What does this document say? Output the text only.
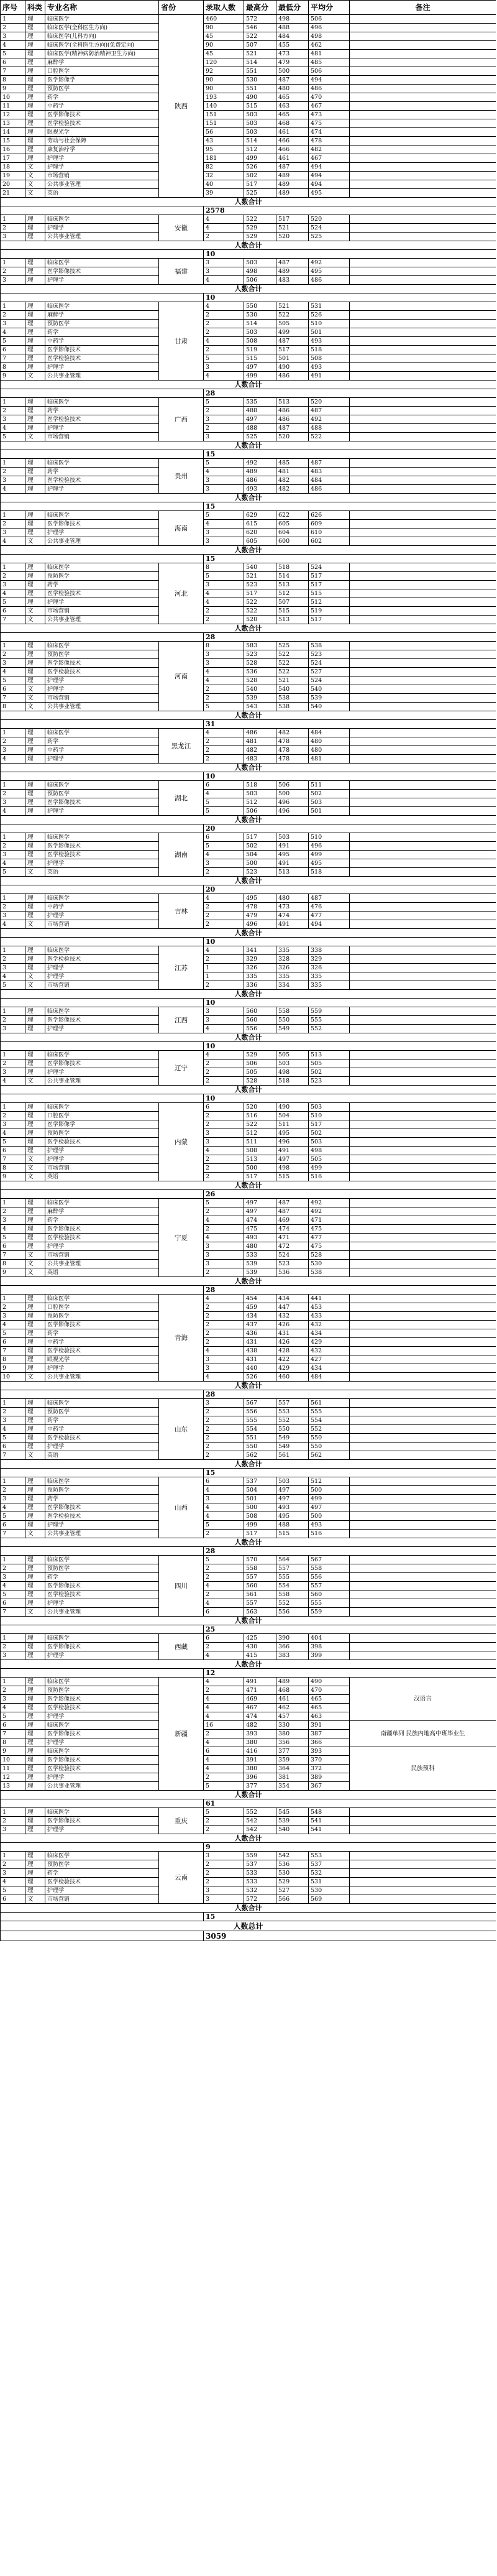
序号	科类	专业名称	省份	录取人数	最高分	最低分	平均分	备注
1	理	临床医学	陕西	460	572	498	506	
2	理	临床医学(全科医生方向)		90	546	488	496	
3	理	临床医学(儿科方向)		45	522	484	498	
4	理	临床医学(全科医生方向)(免费定向)		90	507	455	462	
5	理	临床医学(精神病防治精神卫生方向)		45	521	473	481	
6	理	麻醉学		120	514	479	485	
7	理	口腔医学		92	551	500	506	
8	理	医学影像学		90	530	487	494	
9	理	预防医学		90	551	480	486	
10	理	药学		193	490	465	470	
11	理	中药学		140	515	463	467	
12	理	医学影像技术		151	503	465	473	
13	理	医学检验技术		151	503	468	475	
14	理	眼视光学		56	503	461	474	
15	理	劳动与社会保障		43	514	466	478	
16	理	康复治疗学		95	512	466	482	
17	理	护理学		181	499	461	467	
18	文	护理学		82	526	487	494	
19	文	市场营销		32	502	489	494	
20	文	公共事业管理		40	517	489	494	
21	文	英语		39	525	489	495	
人数合计								
				2578				
1	理	临床医学	安徽	4	522	517	520	
2	理	护理学		4	529	521	524	
3	理	公共事业管理		2	529	520	525	
人数合计								
				10				
1	理	临床医学	福建	3	503	487	492	
2	理	医学影像技术		3	498	489	495	
3	理	护理学		4	506	483	486	
人数合计								
				10				
1	理	临床医学	甘肃	4	550	521	531	
2	理	麻醉学		2	530	522	526	
3	理	预防医学		2	514	505	510	
4	理	药学		2	503	499	501	
5	理	中药学		4	508	487	493	
6	理	医学影像技术		2	519	517	518	
7	理	医学检验技术		5	515	501	508	
8	理	护理学		3	497	490	493	
9	文	公共事业管理		4	499	486	491	
人数合计								
				28				
1	理	临床医学	广西	5	535	513	520	
2	理	药学		2	488	486	487	
3	理	医学检验技术		3	497	486	492	
4	理	护理学		2	488	487	488	
5	文	市场营销		3	525	520	522	
人数合计								
				15				
1	理	临床医学	贵州	5	492	485	487	
2	理	药学		4	489	481	483	
3	理	医学检验技术		3	486	482	484	
4	理	护理学		3	493	482	486	
人数合计								
				15				
1	理	临床医学	海南	5	629	622	626	
2	理	医学影像技术		4	615	605	609	
3	理	护理学		3	620	604	610	
4	文	公共事业管理		3	605	600	602	
人数合计								
				15				
1	理	临床医学	河北	8	540	518	524	
2	理	预防医学		5	521	514	517	
3	理	药学		3	523	513	517	
4	理	医学检验技术		4	517	512	515	
5	理	护理学		4	522	507	512	
6	文	市场营销		2	522	515	519	
7	文	公共事业管理		2	520	513	517	
人数合计								
				28				
1	理	临床医学	河南	8	583	525	538	
2	理	预防医学		3	523	522	523	
3	理	医学影像技术		3	528	522	524	
4	理	医学检验技术		4	536	522	527	
5	理	护理学		4	528	521	524	
6	文	护理学		2	540	540	540	
7	文	市场营销		2	539	538	539	
8	文	公共事业管理		5	543	538	540	
人数合计								
				31				
1	理	临床医学	黑龙江	4	486	482	484	
2	理	药学		2	481	478	480	
3	理	中药学		2	482	478	480	
4	理	护理学		2	483	478	481	
人数合计								
				10				
1	理	临床医学	湖北	6	518	506	511	
2	理	预防医学		4	503	500	502	
3	理	医学影像技术		5	512	496	503	
4	理	护理学		5	506	496	501	
人数合计								
				20				
1	理	临床医学	湖南	6	517	503	510	
2	理	医学影像技术		5	502	491	496	
3	理	医学检验技术		4	504	495	499	
4	理	护理学		3	500	491	495	
5	文	英语		2	523	513	518	
人数合计								
				20				
1	理	临床医学	吉林	4	495	480	487	
2	理	中药学		2	478	473	476	
3	理	护理学		2	479	474	477	
4	文	市场营销		2	496	491	494	
人数合计								
				10				
1	理	临床医学	江苏	4	341	335	338	
2	理	医学检验技术		2	329	328	329	
3	理	护理学		1	326	326	326	
4	文	护理学		1	335	335	335	
5	文	市场营销		2	336	334	335	
人数合计								
				10				
1	理	临床医学	江西	3	560	558	559	
2	理	医学影像技术		3	560	550	555	
3	理	护理学		4	556	549	552	
人数合计								
				10				
1	理	临床医学	辽宁	4	529	505	513	
2	理	医学影像技术		2	506	503	505	
3	理	护理学		2	505	498	502	
4	文	公共事业管理		2	528	518	523	
人数合计								
				10				
1	理	临床医学	内蒙	6	520	490	503	
2	理	口腔医学		2	516	504	510	
3	理	医学影像学		2	522	511	517	
4	理	预防医学		3	512	495	502	
5	理	医学检验技术		3	511	496	503	
6	理	护理学		4	508	491	498	
7	文	护理学		2	513	497	505	
8	文	市场营销		2	500	498	499	
9	文	英语		2	517	515	516	
人数合计								
				26				
1	理	临床医学	宁夏	5	497	487	492	
2	理	麻醉学		2	497	487	492	
3	理	药学		4	474	469	471	
4	理	医学影像技术		2	475	474	475	
5	理	医学检验技术		4	493	471	477	
6	理	护理学		3	480	472	475	
7	文	市场营销		3	533	524	528	
8	文	公共事业管理		3	539	523	530	
9	文	英语		2	539	536	538	
人数合计								
				28				
1	理	临床医学	青海	4	454	434	441	
2	理	口腔医学		2	459	447	453	
3	理	预防医学		2	434	432	433	
4	理	医学影像技术		2	437	426	432	
5	理	药学		2	436	431	434	
6	理	中药学		2	431	426	429	
7	理	医学检验技术		4	438	428	432	
8	理	眼视光学		3	431	422	427	
9	理	护理学		3	440	429	434	
10	文	公共事业管理		4	526	460	484	
人数合计								
				28				
1	理	临床医学	山东	3	567	557	561	
2	理	预防医学		2	556	553	555	
3	理	药学		2	555	552	554	
4	理	中药学		2	554	550	552	
5	理	医学检验技术		2	551	549	550	
6	理	护理学		2	550	549	550	
7	文	英语		2	562	561	562	
人数合计								
				15				
1	理	临床医学	山西	6	537	503	512	
2	理	预防医学		4	504	497	500	
3	理	药学		3	501	497	499	
4	理	医学影像技术		4	500	493	497	
5	理	医学检验技术		4	508	495	500	
6	理	护理学		5	499	488	493	
7	文	公共事业管理		2	517	515	516	
人数合计								
				28				
1	理	临床医学	四川	5	570	564	567	
2	理	预防医学		2	558	557	558	
3	理	药学		2	557	555	556	
4	理	医学影像技术		4	560	554	557	
5	理	医学检验技术		2	561	558	560	
6	理	护理学		4	557	552	555	
7	文	公共事业管理		6	563	556	559	
人数合计								
				25				
1	理	临床医学	西藏	6	425	390	404	
2	理	医学影像技术		2	430	366	398	
3	理	护理学		4	415	383	399	
人数合计								
				12				
1	理	临床医学	新疆	4	491	489	490	汉语言
2	理	预防医学		2	471	468	470	
3	理	医学影像技术		4	469	461	465	
4	理	医学检验技术		4	467	462	465	
5	理	护理学		4	474	457	463	
6	理	临床医学		16	482	330	391	南疆单列 民族内地高中班毕业生
7	理	医学影像技术		2	393	380	387	
8	理	护理学		4	380	356	366	
9	理	临床医学		6	416	377	393	民族预科
10	理	医学影像技术		4	391	359	370	
11	理	医学检验技术		4	380	364	372	
12	理	护理学		2	396	381	389	
13	理	公共事业管理		5	377	354	367	
人数合计								
				61				
1	理	临床医学	重庆	5	552	545	548	
2	理	医学影像技术		2	542	539	541	
3	理	护理学		2	542	540	541	
人数合计								
				9				
1	理	临床医学	云南	3	559	542	553	
2	理	预防医学		2	537	536	537	
3	理	药学		2	533	530	532	
4	理	医学检验技术		2	533	529	531	
5	理	护理学		3	532	527	530	
6	文	市场营销		3	572	566	569	
人数合计								
				15				
人数总计								
				3059				
